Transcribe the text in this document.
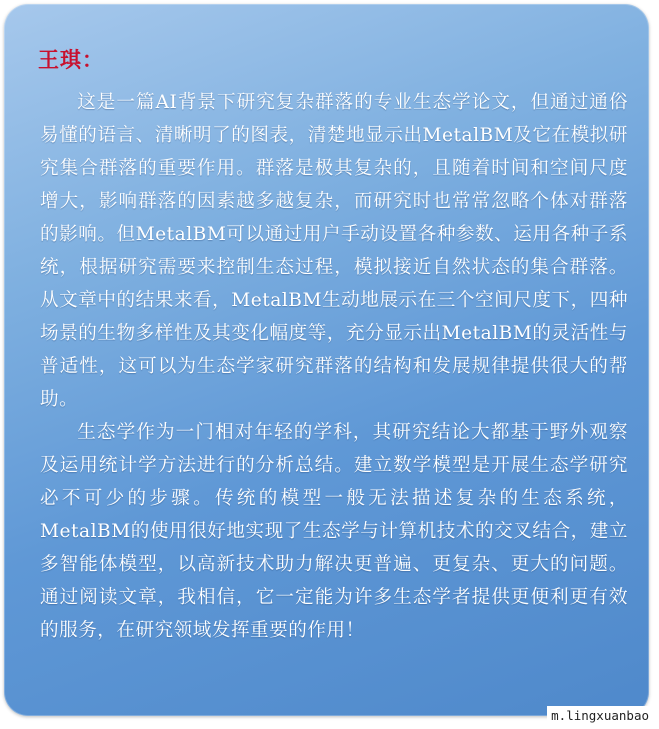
王琪：

这是一篇AI背景下研究复杂群落的专业生态学论文，但通过通俗易懂的语言、清晰明了的图表，清楚地显示出MetalBM及它在模拟研究集合群落的重要作用。群落是极其复杂的，且随着时间和空间尺度增大，影响群落的因素越多越复杂，而研究时也常常忽略个体对群落的影响。但MetalBM可以通过用户手动设置各种参数、运用各种子系统，根据研究需要来控制生态过程，模拟接近自然状态的集合群落。从文章中的结果来看，MetalBM生动地展示在三个空间尺度下，四种场景的生物多样性及其变化幅度等，充分显示出MetalBM的灵活性与普适性，这可以为生态学家研究群落的结构和发展规律提供很大的帮助。

生态学作为一门相对年轻的学科，其研究结论大都基于野外观察及运用统计学方法进行的分析总结。建立数学模型是开展生态学研究必不可少的步骤。传统的模型一般无法描述复杂的生态系统，MetalBM的使用很好地实现了生态学与计算机技术的交叉结合，建立多智能体模型，以高新技术助力解决更普遍、更复杂、更大的问题。通过阅读文章，我相信，它一定能为许多生态学者提供更便利更有效的服务，在研究领域发挥重要的作用！

m.lingxuanbao
